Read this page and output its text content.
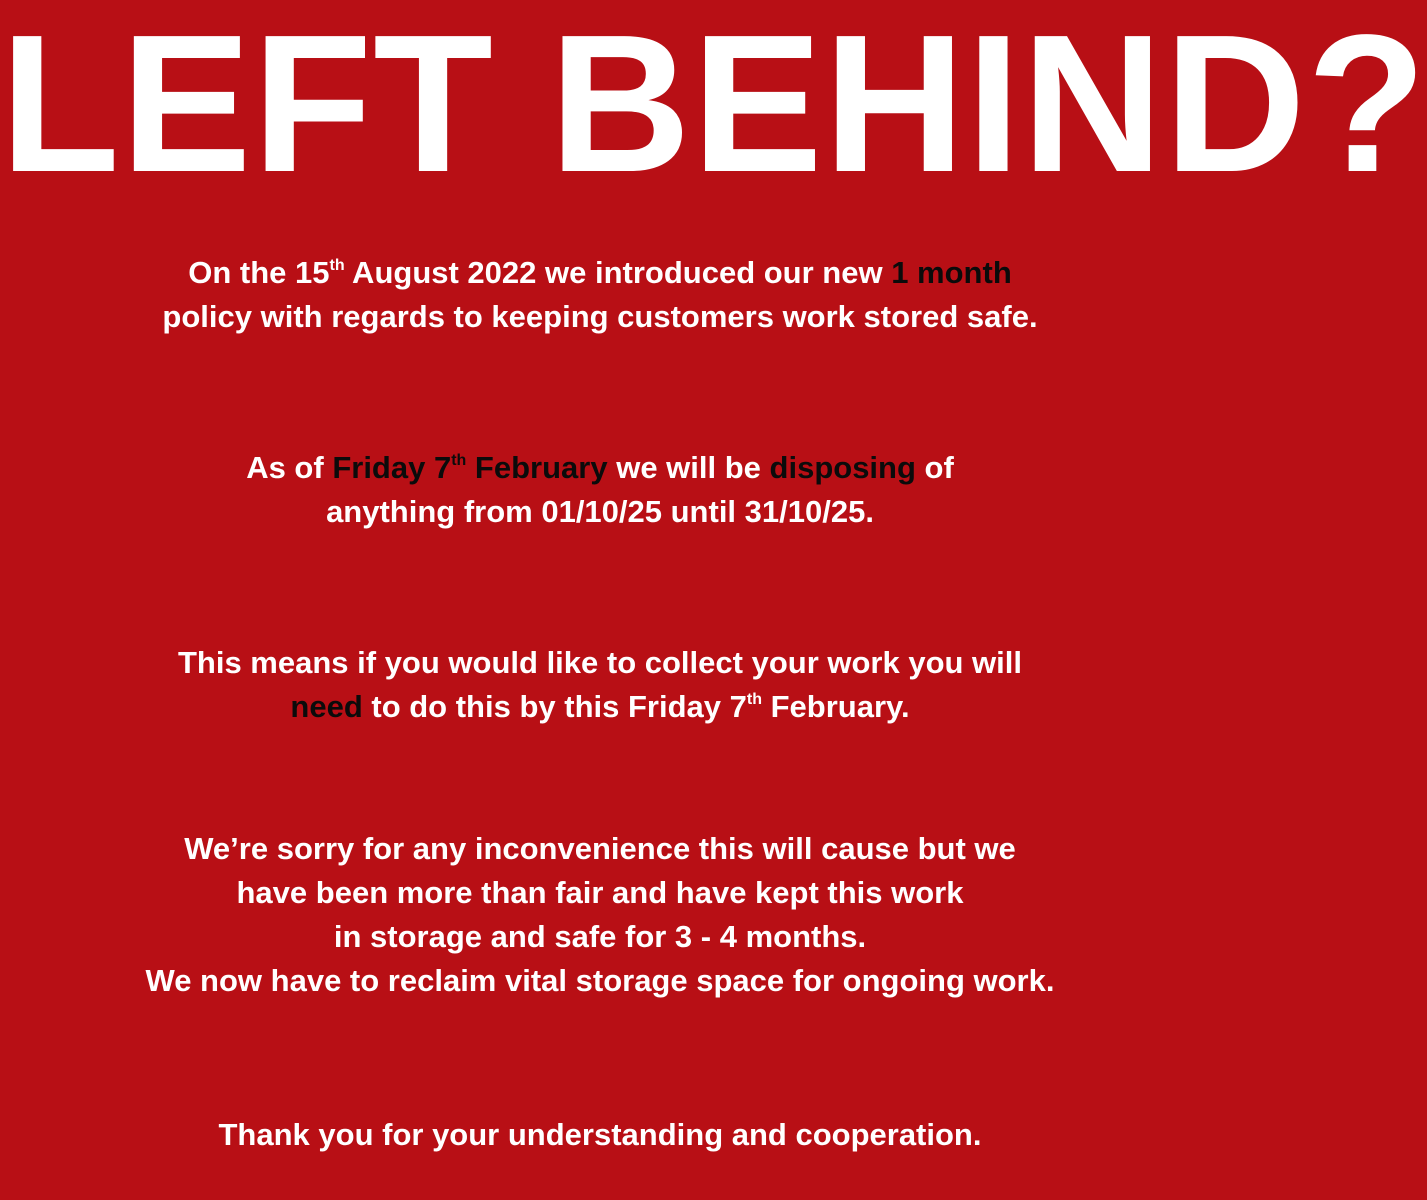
LEFT BEHIND?

On the 15th August 2022 we introduced our new 1 month
policy with regards to keeping customers work stored safe.

As of Friday 7th February we will be disposing of
anything from 01/10/25 until 31/10/25.

This means if you would like to collect your work you will
need to do this by this Friday 7th February.

We’re sorry for any inconvenience this will cause but we
have been more than fair and have kept this work
in storage and safe for 3 - 4 months.
We now have to reclaim vital storage space for ongoing work.

Thank you for your understanding and cooperation.
